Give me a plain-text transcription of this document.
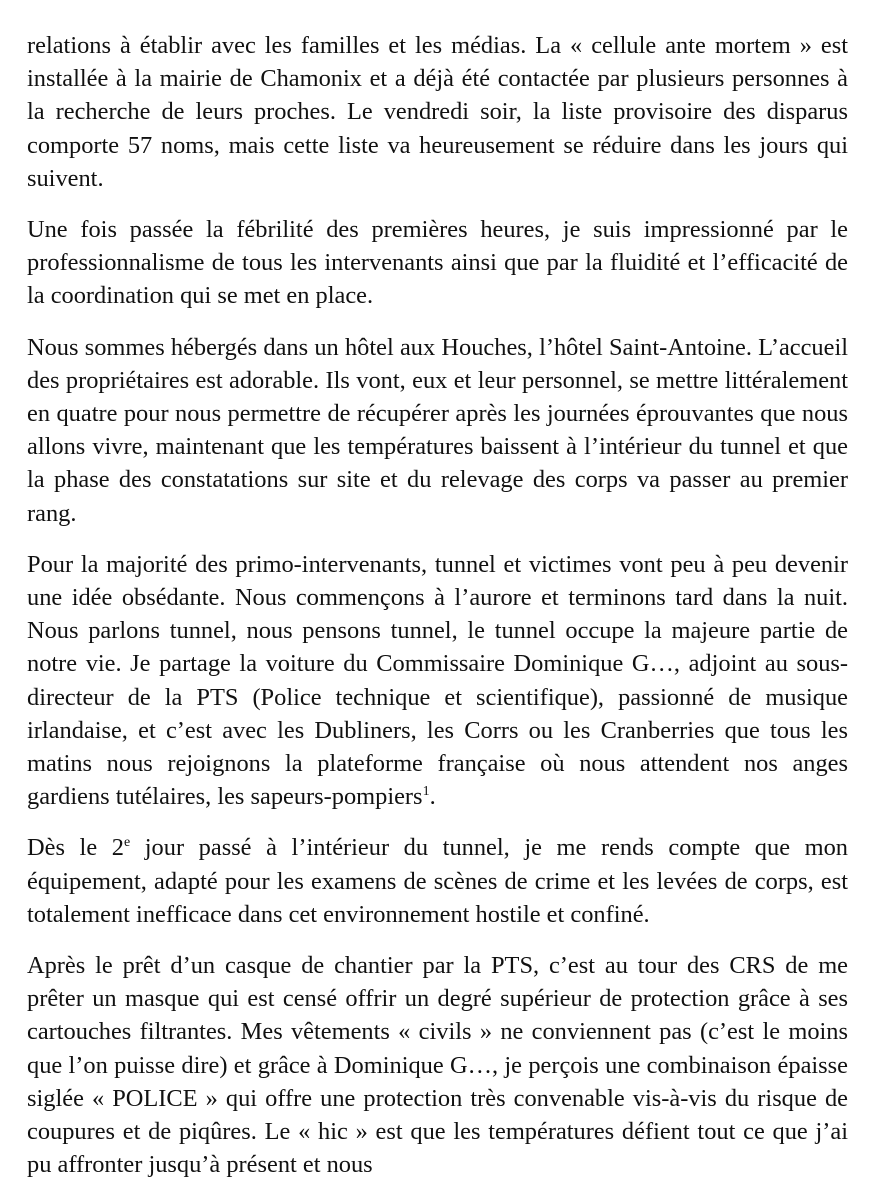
relations à établir avec les familles et les médias. La « cellule ante mortem » est installée à la mairie de Chamonix et a déjà été contactée par plusieurs personnes à la recherche de leurs proches. Le vendredi soir, la liste provisoire des disparus comporte 57 noms, mais cette liste va heureusement se réduire dans les jours qui suivent.

Une fois passée la fébrilité des premières heures, je suis impressionné par le professionnalisme de tous les intervenants ainsi que par la fluidité et l’efficacité de la coordination qui se met en place.

Nous sommes hébergés dans un hôtel aux Houches, l’hôtel Saint-Antoine. L’accueil des propriétaires est adorable. Ils vont, eux et leur personnel, se mettre littéralement en quatre pour nous permettre de récupérer après les journées éprouvantes que nous allons vivre, maintenant que les températures baissent à l’intérieur du tunnel et que la phase des constatations sur site et du relevage des corps va passer au premier rang.

Pour la majorité des primo-intervenants, tunnel et victimes vont peu à peu devenir une idée obsédante. Nous commençons à l’aurore et terminons tard dans la nuit. Nous parlons tunnel, nous pensons tunnel, le tunnel occupe la majeure partie de notre vie. Je partage la voiture du Commissaire Dominique G…, adjoint au sous-directeur de la PTS (Police technique et scientifique), passionné de musique irlandaise, et c’est avec les Dubliners, les Corrs ou les Cranberries que tous les matins nous rejoignons la plateforme française où nous attendent nos anges gardiens tutélaires, les sapeurs-pompiers$^1$.

Dès le 2e jour passé à l’intérieur du tunnel, je me rends compte que mon équipement, adapté pour les examens de scènes de crime et les levées de corps, est totalement inefficace dans cet environnement hostile et confiné.

Après le prêt d’un casque de chantier par la PTS, c’est au tour des CRS de me prêter un masque qui est censé offrir un degré supérieur de protection grâce à ses cartouches filtrantes. Mes vêtements « civils » ne conviennent pas (c’est le moins que l’on puisse dire) et grâce à Dominique G…, je perçois une combinaison épaisse siglée « POLICE » qui offre une protection très convenable vis-à-vis du risque de coupures et de piqûres. Le « hic » est que les températures défient tout ce que j’ai pu affronter jusqu’à présent et nous
